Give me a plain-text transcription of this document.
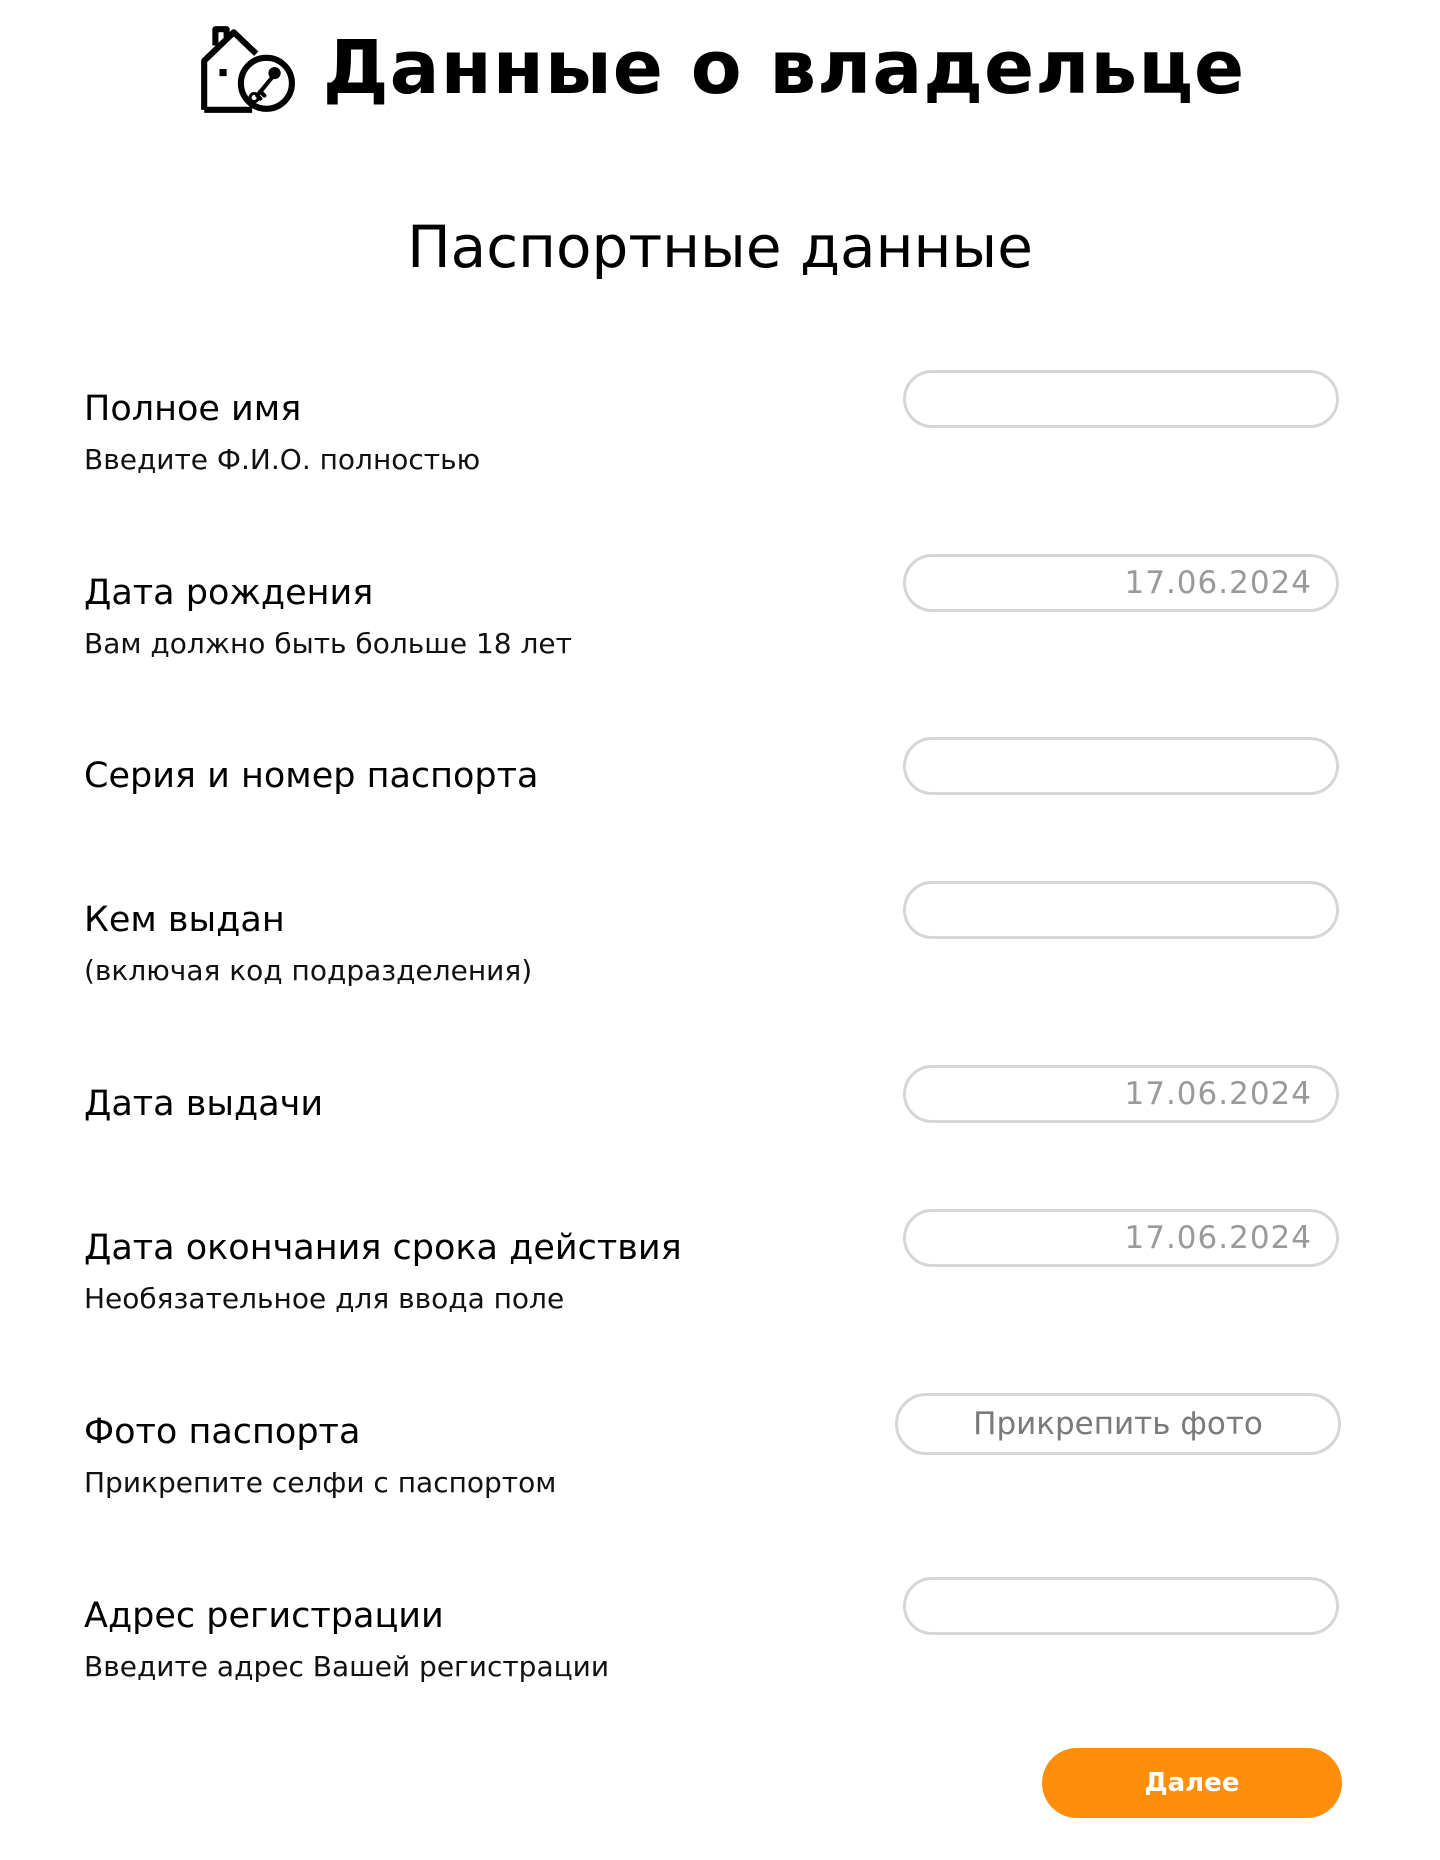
Данные о владельце
Паспортные данные
Полное имя
Введите Ф.И.О. полностью
Дата рождения
Вам должно быть больше 18 лет
17.06.2024
Серия и номер паспорта
Кем выдан
(включая код подразделения)
Дата выдачи
17.06.2024
Дата окончания срока действия
Необязательное для ввода поле
17.06.2024
Фото паспорта
Прикрепите селфи с паспортом
Прикрепить фото
Адрес регистрации
Введите адрес Вашей регистрации
Далее
